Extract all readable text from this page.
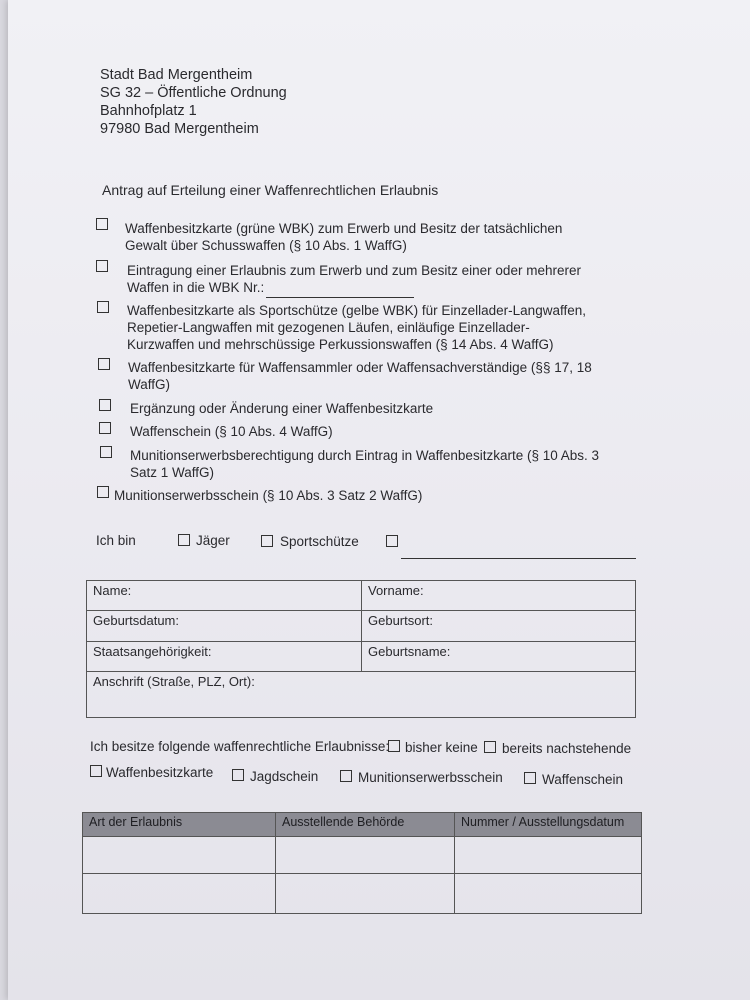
Stadt Bad Mergentheim
SG 32 – Öffentliche Ordnung
Bahnhofplatz 1
97980 Bad Mergentheim
Antrag auf Erteilung einer Waffenrechtlichen Erlaubnis
Waffenbesitzkarte (grüne WBK) zum Erwerb und Besitz der tatsächlichen
Gewalt über Schusswaffen (§ 10 Abs. 1 WaffG)
Eintragung einer Erlaubnis zum Erwerb und zum Besitz einer oder mehrerer
Waffen in die WBK Nr.:
Waffenbesitzkarte als Sportschütze (gelbe WBK) für Einzellader-Langwaffen,
Repetier-Langwaffen mit gezogenen Läufen, einläufige Einzellader-
Kurzwaffen und mehrschüssige Perkussionswaffen (§ 14 Abs. 4 WaffG)
Waffenbesitzkarte für Waffensammler oder Waffensachverständige (§§ 17, 18
WaffG)
Ergänzung oder Änderung einer Waffenbesitzkarte
Waffenschein (§ 10 Abs. 4 WaffG)
Munitionserwerbsberechtigung durch Eintrag in Waffenbesitzkarte (§ 10 Abs. 3
Satz 1 WaffG)
Munitionserwerbsschein (§ 10 Abs. 3 Satz 2 WaffG)
Ich bin	Jäger	Sportschütze
Name:	Vorname:
Geburtsdatum:	Geburtsort:
Staatsangehörigkeit:	Geburtsname:
Anschrift (Straße, PLZ, Ort):	
Ich besitze folgende waffenrechtliche Erlaubnisse: bisher keine bereits nachstehende
Waffenbesitzkarte	Jagdschein	Munitionserwerbsschein	Waffenschein
Art der Erlaubnis	Ausstellende Behörde	Nummer / Ausstellungsdatum
